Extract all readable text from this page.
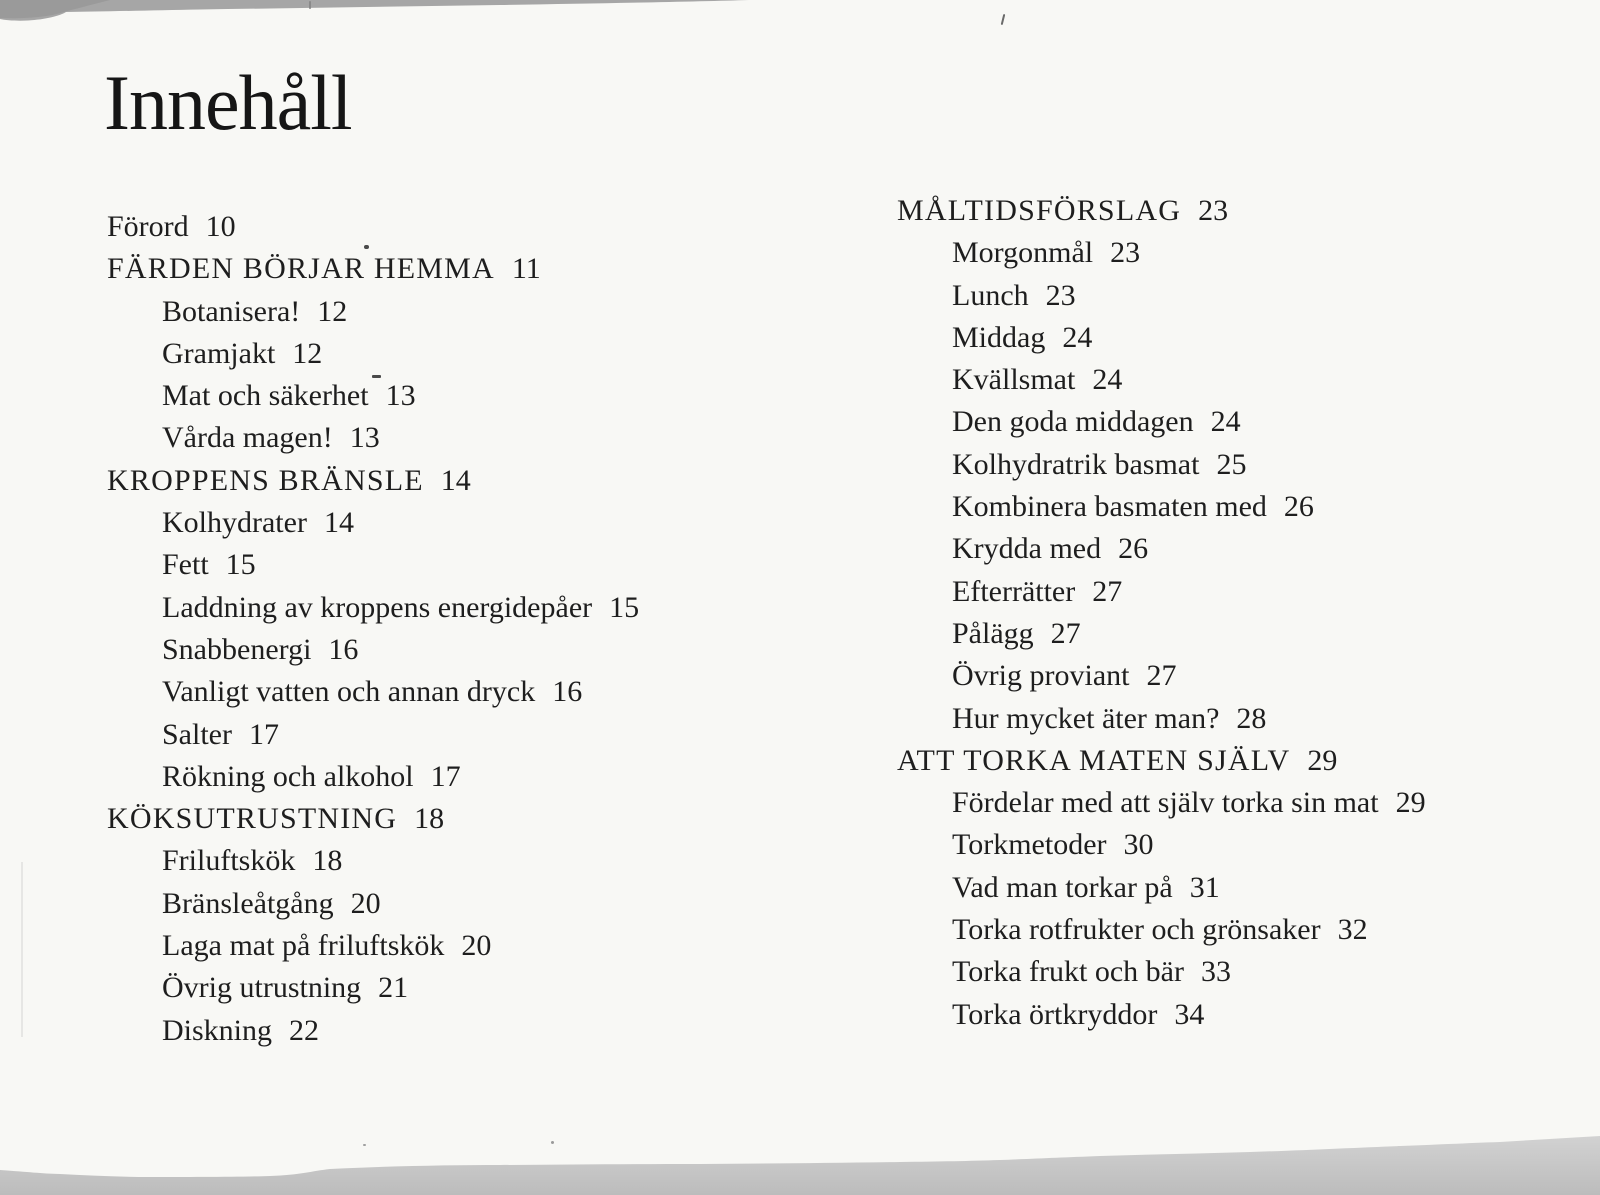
Innehåll
Förord 10
FÄRDEN BÖRJAR HEMMA 11
Botanisera! 12
Gramjakt 12
Mat och säkerhet 13
Vårda magen! 13
KROPPENS BRÄNSLE 14
Kolhydrater 14
Fett 15
Laddning av kroppens energidepåer 15
Snabbenergi 16
Vanligt vatten och annan dryck 16
Salter 17
Rökning och alkohol 17
KÖKSUTRUSTNING 18
Friluftskök 18
Bränsleåtgång 20
Laga mat på friluftskök 20
Övrig utrustning 21
Diskning 22
MÅLTIDSFÖRSLAG 23
Morgonmål 23
Lunch 23
Middag 24
Kvällsmat 24
Den goda middagen 24
Kolhydratrik basmat 25
Kombinera basmaten med 26
Krydda med 26
Efterrätter 27
Pålägg 27
Övrig proviant 27
Hur mycket äter man? 28
ATT TORKA MATEN SJÄLV 29
Fördelar med att själv torka sin mat 29
Torkmetoder 30
Vad man torkar på 31
Torka rotfrukter och grönsaker 32
Torka frukt och bär 33
Torka örtkryddor 34
